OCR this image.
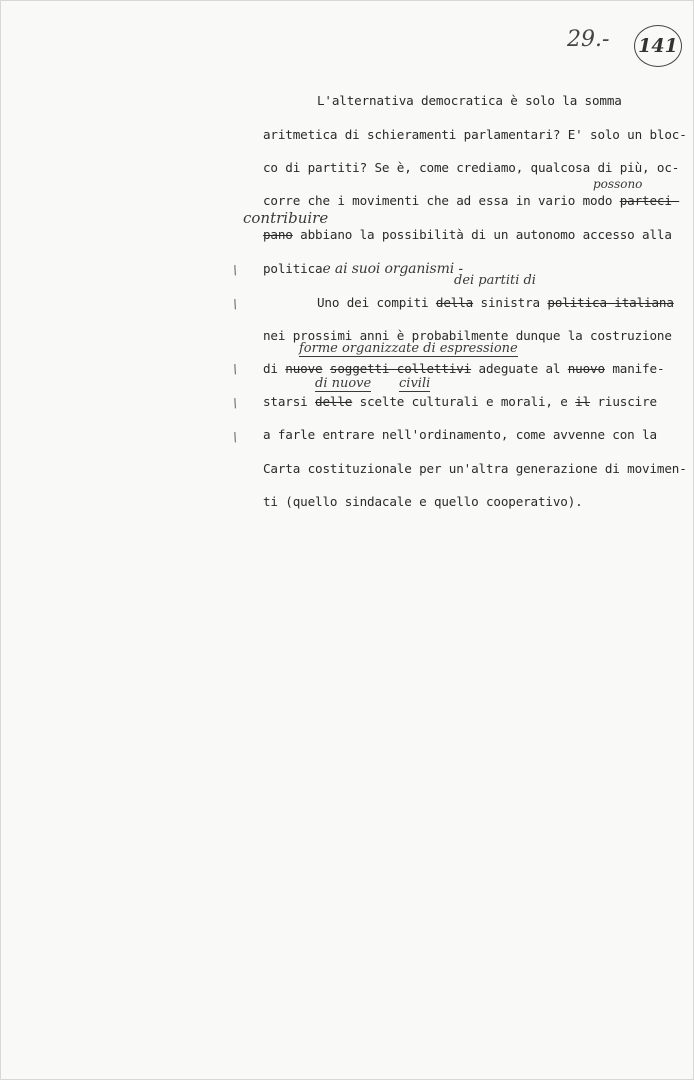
29.- 141
/
/
/
/
/
L'alternativa democratica è solo la somma
aritmetica di schieramenti parlamentari? E' solo un bloc-
co di partiti? Se è, come crediamo, qualcosa di più, oc-
possono
corre che i movimenti che ad essa in vario modo parteci-
contribuire
pano abbiano la possibilità di un autonomo accesso alla
politicae ai suoi organismi -
dei partiti di
Uno dei compiti della sinistra politica italiana
nei prossimi anni è probabilmente dunque la costruzione
forme organizzate di espressione
di nuove soggetti collettivi adeguate al nuovo manife-
di nuove civili
starsi delle scelte culturali e morali, e il riuscire
a farle entrare nell'ordinamento, come avvenne con la
Carta costituzionale per un'altra generazione di movimen-
ti (quello sindacale e quello cooperativo).
